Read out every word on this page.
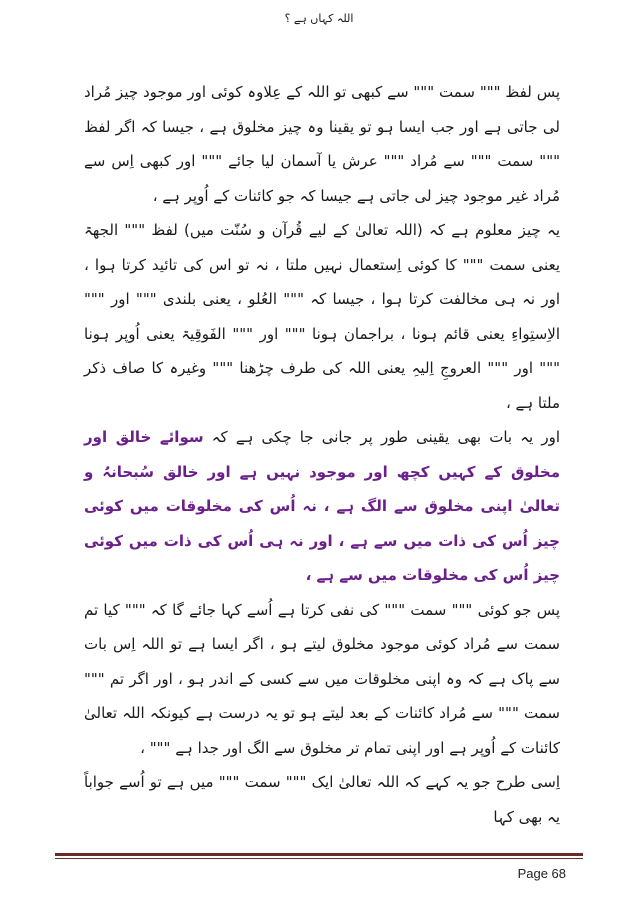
اللہ کہاں ہے ؟

پس لفظ """ سمت """ سے کبھی تو اللہ کے عِلاوہ کوئی اور موجود چیز مُراد لی جاتی ہے اور جب ایسا ہو تو یقینا وہ چیز مخلوق ہے ، جیسا کہ اگر لفظ """ سمت """ سے مُراد """ عرش یا آسمان لیا جائے """ اور کبھی اِس سے مُراد غیر موجود چیز لی جاتی ہے جیسا کہ جو کائنات کے اُوپر ہے ،

یہ چیز معلوم ہے کہ (اللہ تعالیٰ کے لیے قُرآن و سُنّت میں) لفظ """ الجھۃ یعنی سمت """ کا کوئی اِستعمال نہیں ملتا ، نہ تو اس کی تائید کرتا ہوا ، اور نہ ہی مخالفت کرتا ہوا ، جیسا کہ """ العُلو ، یعنی بلندی """ اور """ الاِستِواءِ یعنی قائم ہونا ، براجمان ہونا """ اور """ الفَوقِیۃ یعنی اُوپر ہونا """ اور """ العروجِ اِلیہِ یعنی اللہ کی طرف چڑھنا """ وغیرہ کا صاف ذکر ملتا ہے ،

اور یہ بات بھی یقینی طور پر جانی جا چکی ہے کہ سوائے خالق اور مخلوق کے کہیں کچھ اور موجود نہیں ہے اور خالق سُبحانہُ و تعالیٰ اپنی مخلوق سے الگ ہے ، نہ اُس کی مخلوقات میں کوئی چیز اُس کی ذات میں سے ہے ، اور نہ ہی اُس کی ذات میں کوئی چیز اُس کی مخلوقات میں سے ہے ،

پس جو کوئی """ سمت """ کی نفی کرتا ہے اُسے کہا جائے گا کہ """ کیا تم سمت سے مُراد کوئی موجود مخلوق لیتے ہو ، اگر ایسا ہے تو اللہ اِس بات سے پاک ہے کہ وہ اپنی مخلوقات میں سے کسی کے اندر ہو ، اور اگر تم """ سمت """ سے مُراد کائنات کے بعد لیتے ہو تو یہ درست ہے کیونکہ اللہ تعالیٰ کائنات کے اُوپر ہے اور اپنی تمام تر مخلوق سے الگ اور جدا ہے """ ،

اِسی طرح جو یہ کہے کہ اللہ تعالیٰ ایک """ سمت """ میں ہے تو اُسے جواباً یہ بھی کہا

Page 68
